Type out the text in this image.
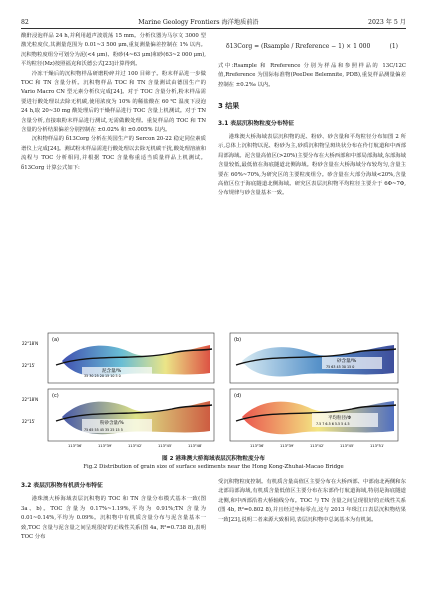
82	Marine Geology Frontiers 海洋地质前沿	2023 年 5 月

酸酐浸泡样品 24 h,并利用超声波震荡 15 mm。分析仪器为马尔文 3000 型激光粒度仪,其测量范围为 0.01~3 500 μm,重复测量偏差控制在 1% 以内。沉积物粒度组分可划分为泥(<4 μm)、粉砂(4~63 μm)和砂(63~2 000 μm),平均粒径(Mz)按照福克和沃德公式[23]计算得到。

冷冻干燥后的沉积物样品研磨粉碎并过 100 目筛子。粉末样品进一步做 TOC 和 TN 含量分析。沉积物样品 TOC 和 TN 含量测试由德国生产的 Vario Macro CN 型元素分析仪完成[24]。对于 TOC 含量分析,粉末样品需要进行酸处理以去除无机碳,使用浓度为 10% 的稀盐酸在 60 ℃ 温度下浸泡 24 h,取 20~30 mg 酸处理后的干燥样品进行 TOC 含量上机测试。对于 TN 含量分析,直接取粉末样品进行测试,无需做酸处理。重复样品的 TOC 和 TN 含量的分析结果偏差分别控制在 ±0.02% 和 ±0.005% 以内。

沉积物样品的 δ13Corg 分析在英国生产的 Sercon 20-22 稳定同位素质谱仪上完成[24]。测试粉末样品需进行酸处理以去除无机碳干扰,酸处理溶液和流程与 TOC 分析相同,并根据 TOC 含量称重适当质量样品上机测试。δ13Corg 计算公式如下:

δ13Corg = (Rsample / Rreference − 1) × 1 000	(1)

式中:Rsample 和 Rreference 分别为样品和参照样品的 13C/12C 值,Rreference 为国际标准物(PeeDee Belemnite, PDB),重复样品测量偏差控制在 ±0.2‰ 以内。

3 结果
3.1 表层沉积物粒度分布特征

港珠澳大桥海域表层沉积物的泥、粉砂、砂含量和平均粒径分布如图 2 所示,总体上沉积物以泥、粉砂为主,砂质沉积物呈斑块状分布在伶仃航道和中西部局部海域。泥含量高值区(>20%)主要分布在大桥西部和中部局部海域,东部海域含量较低,最低值在海底隧道北侧海域。粉砂含量在大桥海域分布较均匀,含量主要在 60%~70%,为研究区的主要粒度组分。砂含量在大部分海域<20%,含量高值区位于海底隧道北侧海域。研究区表层沉积物平均粒径主要介于 6Φ~7Φ,分布规律与砂含量基本一致。

(a)	(b)
(c)	(d)
泥含量/%
35 30 25 20 15 10 5 0
砂含量/%
75 63 45 30 15 0
粉砂含量/%
75 65 55 45 35 25 15 5
平均粒径/Φ
7.5 7 6.5 6 5.5 5 4.5
22°18′N
22°15′
22°18′N
22°15′
113°36′	113°39′	113°42′	113°45′	113°48′	113°36′	113°39′	113°42′	113°45′	113°51′
图 2 港珠澳大桥海域表层沉积物粒度分布
Fig.2 Distribution of grain size of surface sediments near the Hong Kong-Zhuhai-Macao Bridge
3.2 表层沉积物有机质分布特征

港珠澳大桥海域表层沉积物的 TOC 和 TN 含量分布模式基本一致(图 3a、b)。TOC 含量为 0.17%~1.19%,平均为 0.91%;TN 含量为 0.01~0.14%,平均为 0.09%。沉积物中有机质含量分布与泥含量基本一致,TOC 含量与泥含量之间呈现很好的正线性关系(图 4a, R²=0.738 8),表明 TOC 分布

受沉积物粒度控制。有机质含量高值区主要分布在大桥西部、中部南北两侧和东北部局部海域,有机质含量低值区主要分布在东部伶仃航道海域,特别是海底隧道北侧,和中西部沿着大桥轴线分布。TOC 与 TN 含量之间呈现很好的正线性关系(图 4b, R²=0.802 8),并且经过坐标零点,这与 2013 年珠江口表层沉积物结果一致[23],说明二者来源大致相同,表层沉积物中总氮基本为有机氮。
